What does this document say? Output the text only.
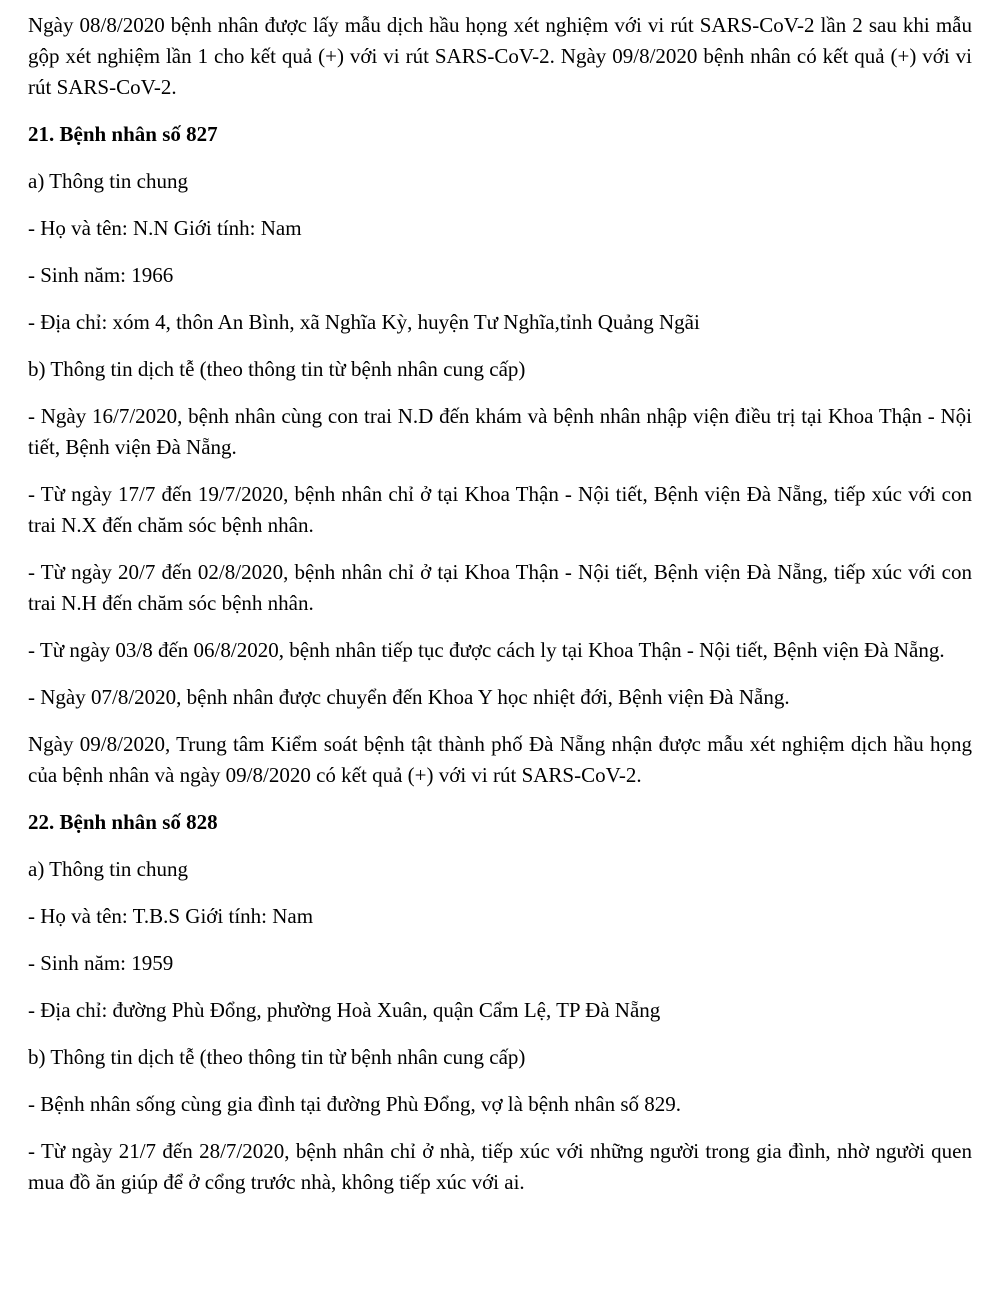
Ngày 08/8/2020 bệnh nhân được lấy mẫu dịch hầu họng xét nghiệm với vi rút SARS-CoV-2 lần 2 sau khi mẫu gộp xét nghiệm lần 1 cho kết quả (+) với vi rút SARS-CoV-2. Ngày 09/8/2020 bệnh nhân có kết quả (+) với vi rút SARS-CoV-2.

21. Bệnh nhân số 827

a) Thông tin chung

- Họ và tên: N.N Giới tính: Nam

- Sinh năm: 1966

- Địa chỉ: xóm 4, thôn An Bình, xã Nghĩa Kỳ, huyện Tư Nghĩa,tỉnh Quảng Ngãi

b) Thông tin dịch tễ (theo thông tin từ bệnh nhân cung cấp)

- Ngày 16/7/2020, bệnh nhân cùng con trai N.D đến khám và bệnh nhân nhập viện điều trị tại Khoa Thận - Nội tiết, Bệnh viện Đà Nẵng.

- Từ ngày 17/7 đến 19/7/2020, bệnh nhân chỉ ở tại Khoa Thận - Nội tiết, Bệnh viện Đà Nẵng, tiếp xúc với con trai N.X đến chăm sóc bệnh nhân.

- Từ ngày 20/7 đến 02/8/2020, bệnh nhân chỉ ở tại Khoa Thận - Nội tiết, Bệnh viện Đà Nẵng, tiếp xúc với con trai N.H đến chăm sóc bệnh nhân.

- Từ ngày 03/8 đến 06/8/2020, bệnh nhân tiếp tục được cách ly tại Khoa Thận - Nội tiết, Bệnh viện Đà Nẵng.

- Ngày 07/8/2020, bệnh nhân được chuyển đến Khoa Y học nhiệt đới, Bệnh viện Đà Nẵng.

Ngày 09/8/2020, Trung tâm Kiểm soát bệnh tật thành phố Đà Nẵng nhận được mẫu xét nghiệm dịch hầu họng của bệnh nhân và ngày 09/8/2020 có kết quả (+) với vi rút SARS-CoV-2.

22. Bệnh nhân số 828

a) Thông tin chung

- Họ và tên: T.B.S Giới tính: Nam

- Sinh năm: 1959

- Địa chỉ: đường Phù Đổng, phường Hoà Xuân, quận Cẩm Lệ, TP Đà Nẵng

b) Thông tin dịch tễ (theo thông tin từ bệnh nhân cung cấp)

- Bệnh nhân sống cùng gia đình tại đường Phù Đổng, vợ là bệnh nhân số 829.

- Từ ngày 21/7 đến 28/7/2020, bệnh nhân chỉ ở nhà, tiếp xúc với những người trong gia đình, nhờ người quen mua đồ ăn giúp để ở cổng trước nhà, không tiếp xúc với ai.
